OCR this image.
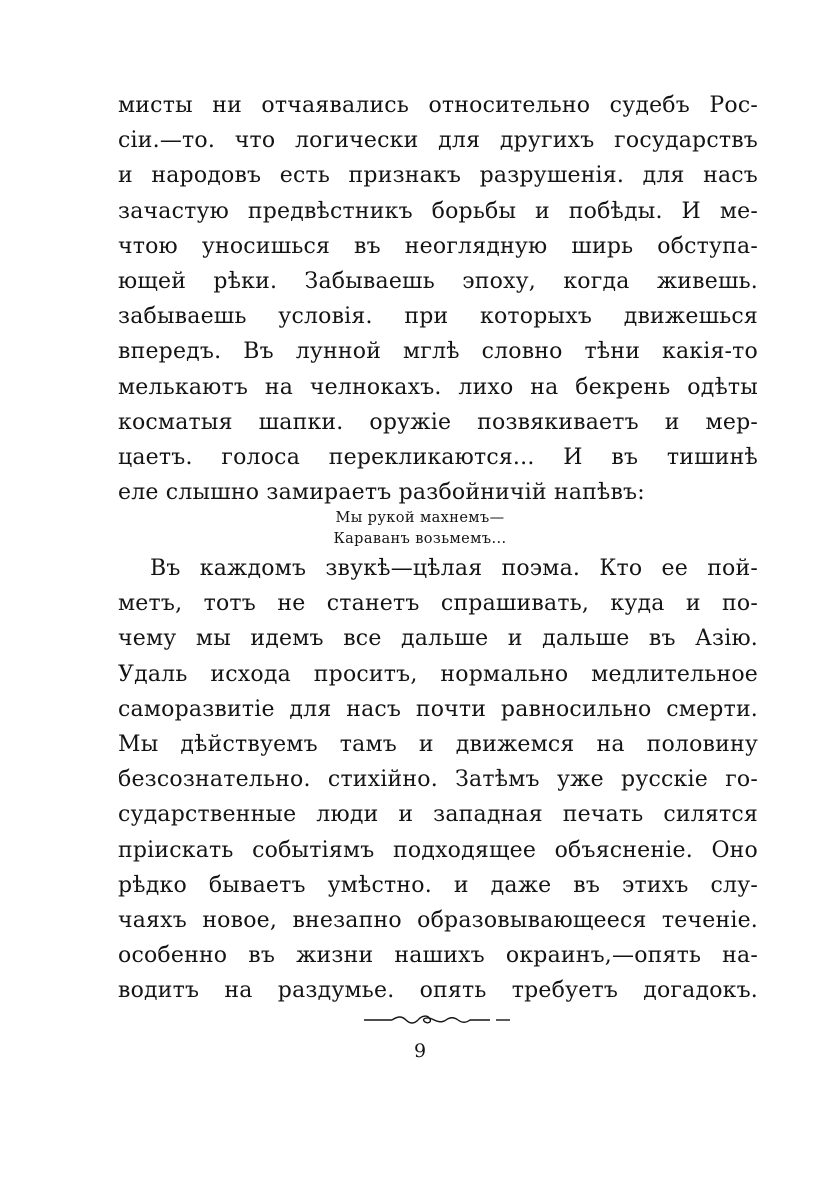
мисты ни отчаявались относительно судебъ Рос-
сіи.—то. что логически для другихъ государствъ
и народовъ есть признакъ разрушенія. для насъ
зачастую предвѣстникъ борьбы и побѣды. И ме-
чтою уносишься въ неоглядную ширь обступа-
ющей рѣки. Забываешь эпоху, когда живешь.
забываешь условія. при которыхъ движешься
впередъ. Въ лунной мглѣ словно тѣни какія-то
мелькаютъ на челнокахъ. лихо на бекрень одѣты
косматыя шапки. оружіе позвякиваетъ и мер-
цаетъ. голоса перекликаются... И въ тишинѣ
еле слышно замираетъ разбойничій напѣвъ:
Мы рукой махнемъ—
Караванъ возьмемъ...
Въ каждомъ звукѣ—цѣлая поэма. Кто ее пой-
метъ, тотъ не станетъ спрашивать, куда и по-
чему мы идемъ все дальше и дальше въ Азію.
Удаль исхода проситъ, нормально медлительное
саморазвитіе для насъ почти равносильно смерти.
Мы дѣйствуемъ тамъ и движемся на половину
безсознательно. стихійно. Затѣмъ уже русскіе го-
сударственные люди и западная печать силятся
пріискать событіямъ подходящее объясненіе. Оно
рѣдко бываетъ умѣстно. и даже въ этихъ слу-
чаяхъ новое, внезапно образовывающееся теченіе.
особенно въ жизни нашихъ окраинъ,—опять на-
водитъ на раздумье. опять требуетъ догадокъ.
9
